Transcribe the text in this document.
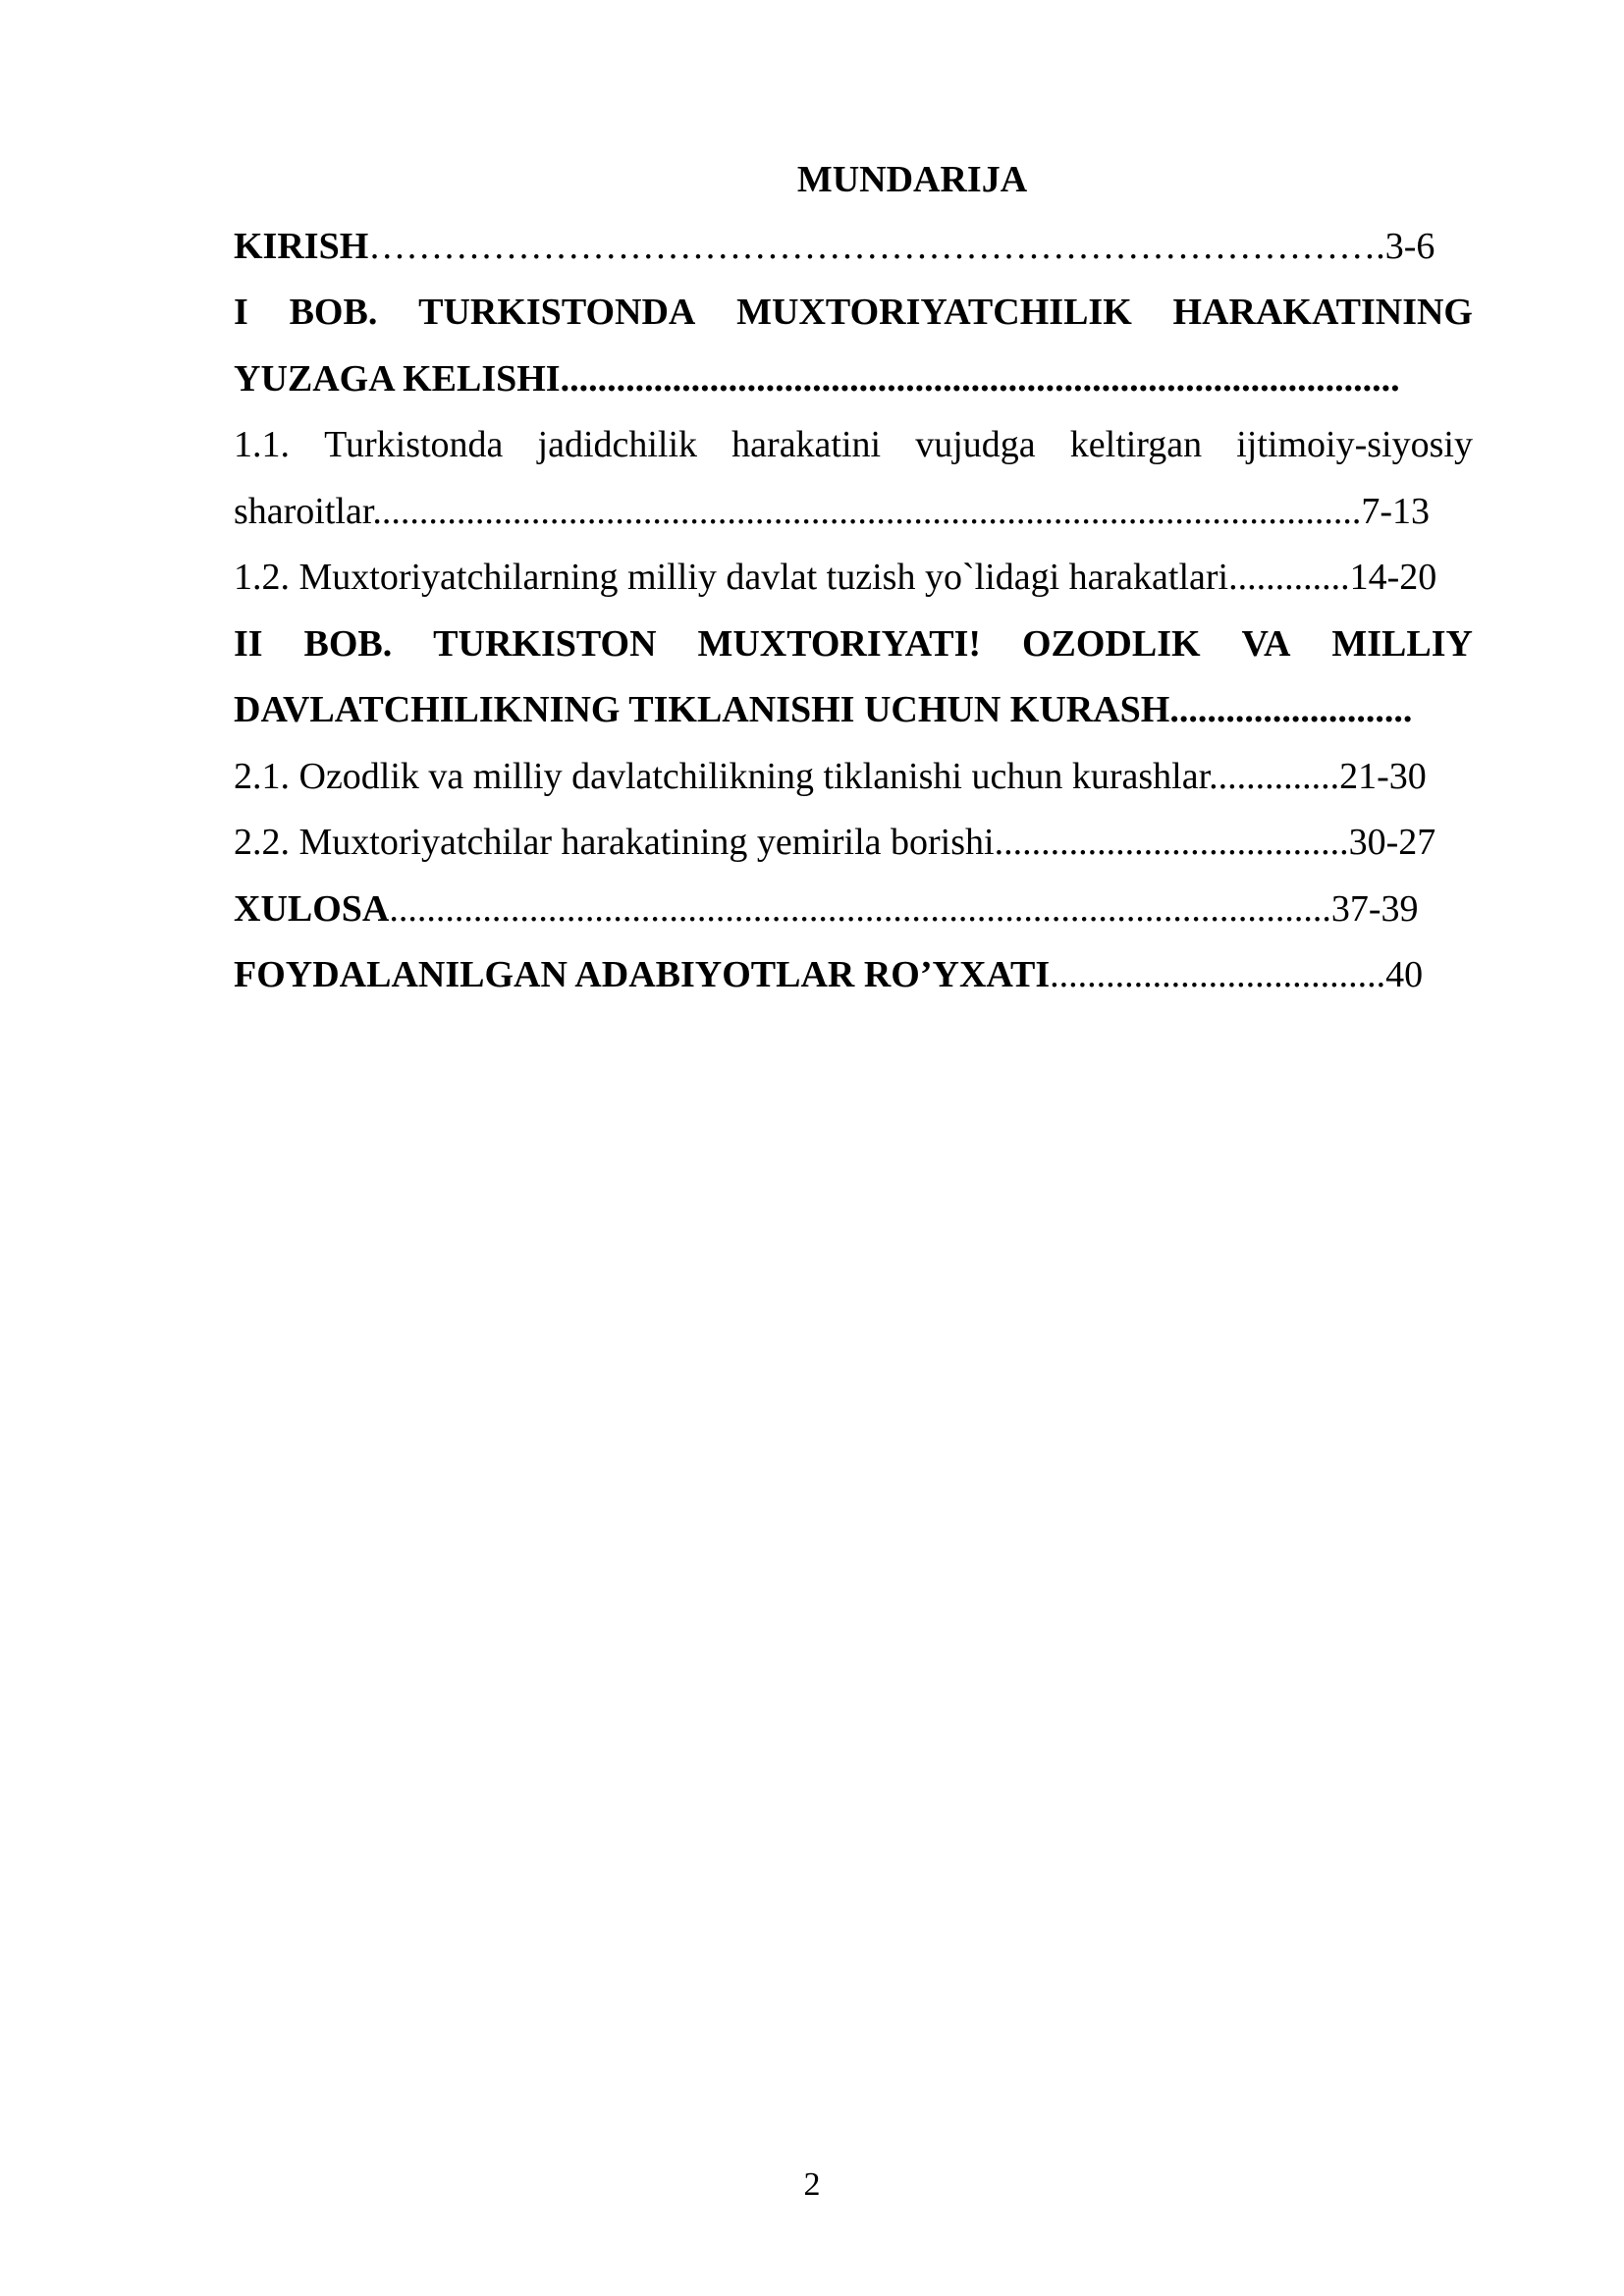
MUNDARIJA
KIRISH……………………………………………………………………….3-6
I BOB. TURKISTONDA MUXTORIYATCHILIK HARAKATINING
YUZAGA KELISHI..........................................................................................
1.1. Turkistonda jadidchilik harakatini vujudga keltirgan ijtimoiy-siyosiy
sharoitlar..........................................................................................................7-13
1.2. Muxtoriyatchilarning milliy davlat tuzish yo`lidagi harakatlari.............14-20
II BOB. TURKISTON MUXTORIYATI! OZODLIK VA MILLIY
DAVLATCHILIKNING TIKLANISHI UCHUN KURASH..........................
2.1. Ozodlik va milliy davlatchilikning tiklanishi uchun kurashlar..............21-30
2.2. Muxtoriyatchilar harakatining yemirila borishi......................................30-27
XULOSA.....................................................................................................37-39
FOYDALANILGAN ADABIYOTLAR RO’YXATI....................................40
2
